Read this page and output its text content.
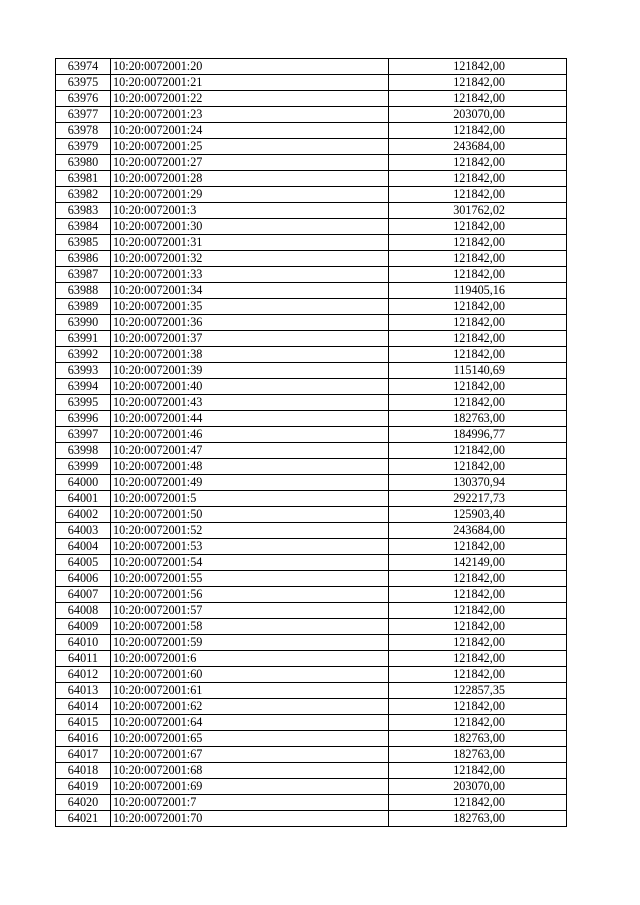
63974	10:20:0072001:20	121842,00
63975	10:20:0072001:21	121842,00
63976	10:20:0072001:22	121842,00
63977	10:20:0072001:23	203070,00
63978	10:20:0072001:24	121842,00
63979	10:20:0072001:25	243684,00
63980	10:20:0072001:27	121842,00
63981	10:20:0072001:28	121842,00
63982	10:20:0072001:29	121842,00
63983	10:20:0072001:3	301762,02
63984	10:20:0072001:30	121842,00
63985	10:20:0072001:31	121842,00
63986	10:20:0072001:32	121842,00
63987	10:20:0072001:33	121842,00
63988	10:20:0072001:34	119405,16
63989	10:20:0072001:35	121842,00
63990	10:20:0072001:36	121842,00
63991	10:20:0072001:37	121842,00
63992	10:20:0072001:38	121842,00
63993	10:20:0072001:39	115140,69
63994	10:20:0072001:40	121842,00
63995	10:20:0072001:43	121842,00
63996	10:20:0072001:44	182763,00
63997	10:20:0072001:46	184996,77
63998	10:20:0072001:47	121842,00
63999	10:20:0072001:48	121842,00
64000	10:20:0072001:49	130370,94
64001	10:20:0072001:5	292217,73
64002	10:20:0072001:50	125903,40
64003	10:20:0072001:52	243684,00
64004	10:20:0072001:53	121842,00
64005	10:20:0072001:54	142149,00
64006	10:20:0072001:55	121842,00
64007	10:20:0072001:56	121842,00
64008	10:20:0072001:57	121842,00
64009	10:20:0072001:58	121842,00
64010	10:20:0072001:59	121842,00
64011	10:20:0072001:6	121842,00
64012	10:20:0072001:60	121842,00
64013	10:20:0072001:61	122857,35
64014	10:20:0072001:62	121842,00
64015	10:20:0072001:64	121842,00
64016	10:20:0072001:65	182763,00
64017	10:20:0072001:67	182763,00
64018	10:20:0072001:68	121842,00
64019	10:20:0072001:69	203070,00
64020	10:20:0072001:7	121842,00
64021	10:20:0072001:70	182763,00
